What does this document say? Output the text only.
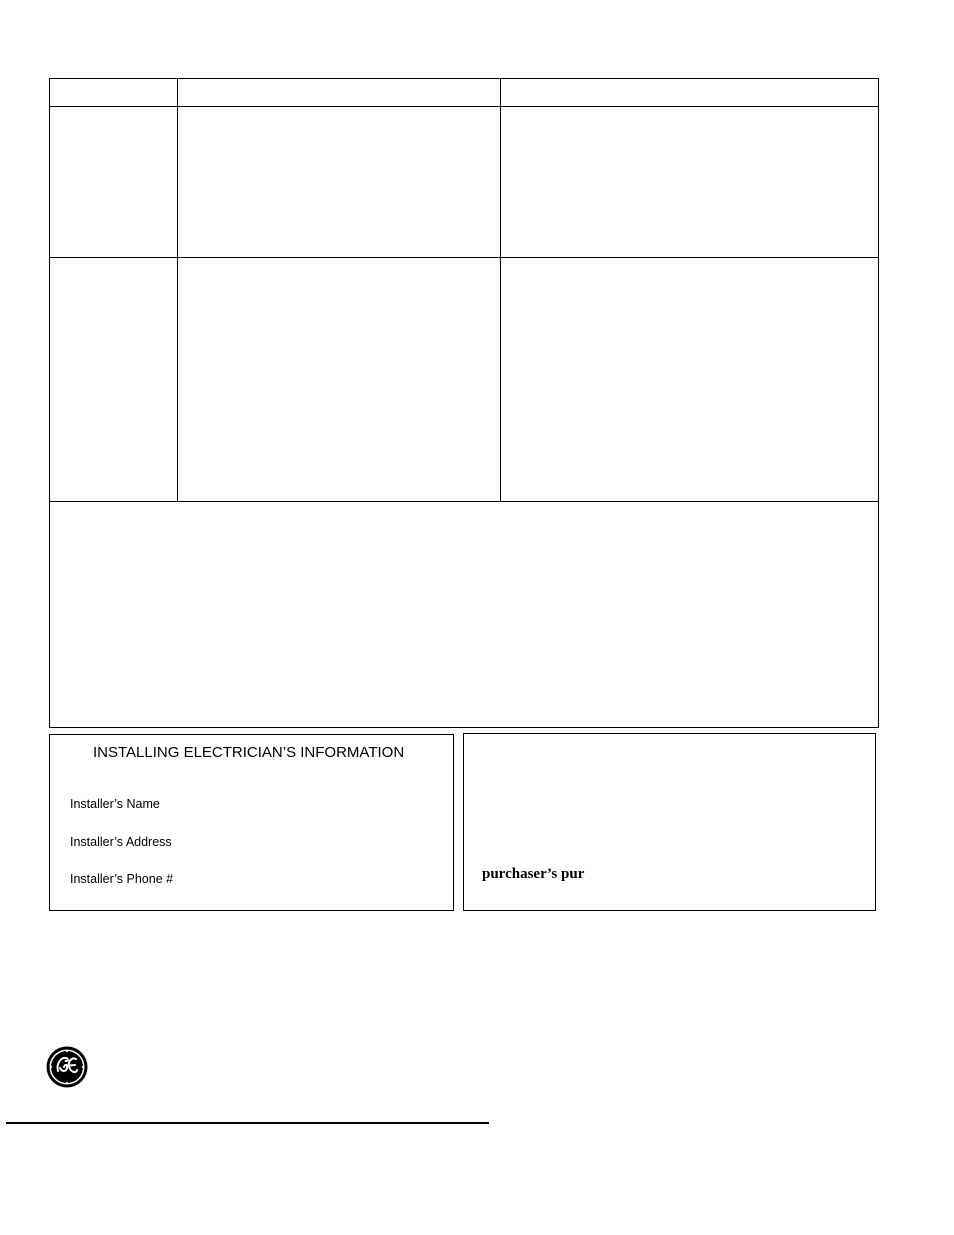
INSTALLING ELECTRICIAN’S INFORMATION
Installer’s Name
Installer’s Address
Installer’s Phone #	purchaser’s pur
